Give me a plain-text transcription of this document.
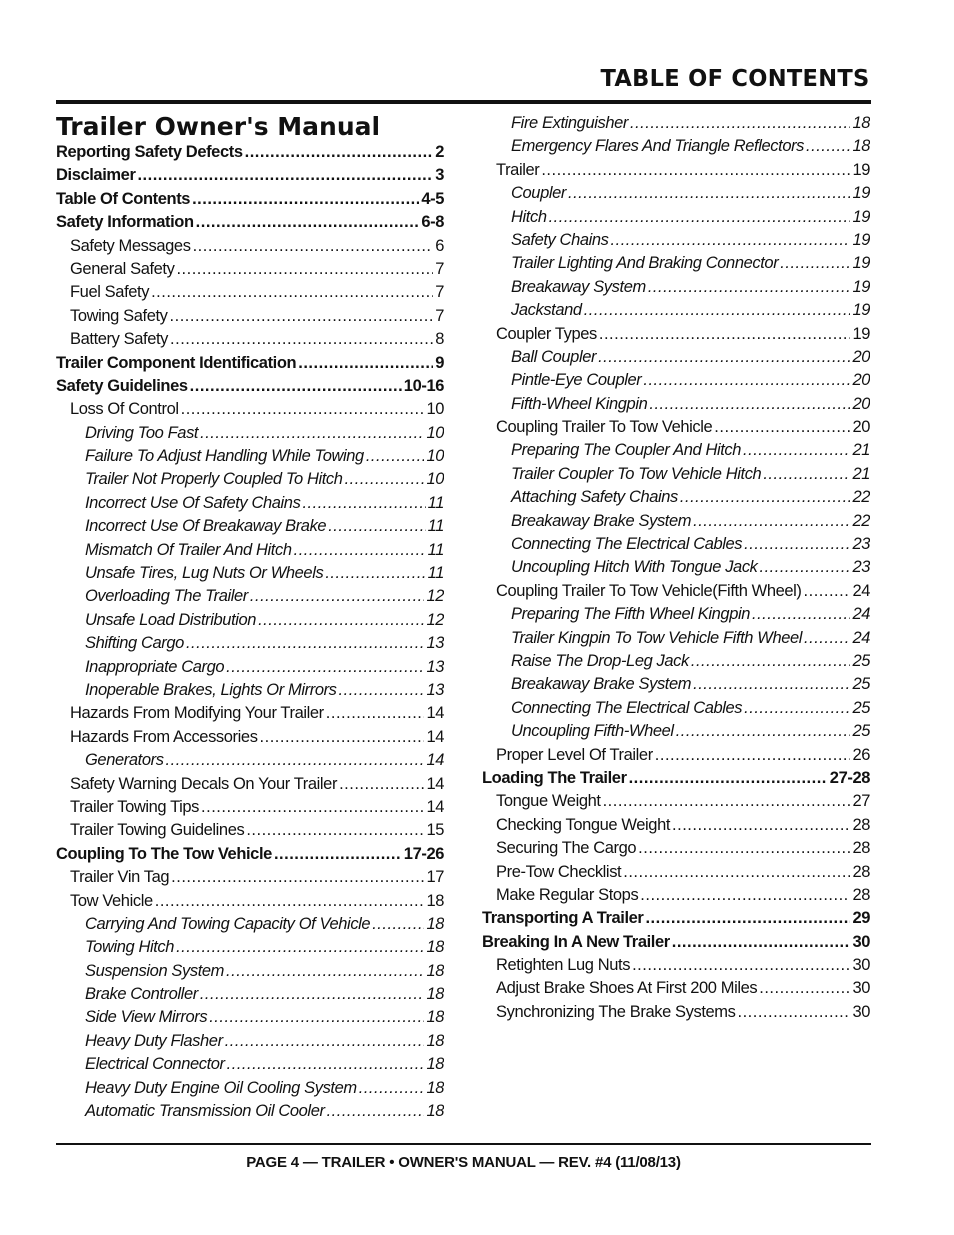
TABLE OF CONTENTS
Trailer Owner's Manual
Reporting Safety Defects .....	2
Disclaimer .....	3
Table Of Contents .....	4-5
Safety Information .....	6-8
Safety Messages .....	6
General Safety .....	7
Fuel Safety .....	7
Towing Safety .....	7
Battery Safety .....	8
Trailer Component Identification .....	9
Safety Guidelines .....	10-16
Loss Of Control .....	10
Driving Too Fast .....	10
Failure To Adjust Handling While Towing .....	10
Trailer Not Properly Coupled To Hitch .....	10
Incorrect Use Of Safety Chains .....	11
Incorrect Use Of Breakaway Brake .....	11
Mismatch Of Trailer And Hitch .....	11
Unsafe Tires, Lug Nuts Or Wheels .....	11
Overloading The Trailer .....	12
Unsafe Load Distribution .....	12
Shifting Cargo .....	13
Inappropriate Cargo .....	13
Inoperable Brakes, Lights Or Mirrors .....	13
Hazards From Modifying Your Trailer .....	14
Hazards From Accessories .....	14
Generators .....	14
Safety Warning Decals On Your Trailer .....	14
Trailer Towing Tips .....	14
Trailer Towing Guidelines .....	15
Coupling To The Tow Vehicle .....	17-26
Trailer Vin Tag .....	17
Tow Vehicle .....	18
Carrying And Towing Capacity Of Vehicle .....	18
Towing Hitch .....	18
Suspension System .....	18
Brake Controller .....	18
Side View Mirrors .....	18
Heavy Duty Flasher .....	18
Electrical Connector .....	18
Heavy Duty Engine Oil Cooling System .....	18
Automatic Transmission Oil Cooler .....	18
Fire Extinguisher .....	18
Emergency Flares And Triangle Reflectors .....	18
Trailer .....	19
Coupler .....	19
Hitch .....	19
Safety Chains .....	19
Trailer Lighting And Braking Connector .....	19
Breakaway System .....	19
Jackstand .....	19
Coupler Types .....	19
Ball Coupler .....	20
Pintle-Eye Coupler .....	20
Fifth-Wheel Kingpin .....	20
Coupling Trailer To Tow Vehicle .....	20
Preparing The Coupler And Hitch .....	21
Trailer Coupler To Tow Vehicle Hitch .....	21
Attaching Safety Chains .....	22
Breakaway Brake System .....	22
Connecting The Electrical Cables .....	23
Uncoupling Hitch With Tongue Jack .....	23
Coupling Trailer To Tow Vehicle(Fifth Wheel) .....	24
Preparing The Fifth Wheel Kingpin .....	24
Trailer Kingpin To Tow Vehicle Fifth Wheel .....	24
Raise The Drop-Leg Jack .....	25
Breakaway Brake System .....	25
Connecting The Electrical Cables .....	25
Uncoupling Fifth-Wheel .....	25
Proper Level Of Trailer .....	26
Loading The Trailer .....	27-28
Tongue Weight .....	27
Checking Tongue Weight .....	28
Securing The Cargo .....	28
Pre-Tow Checklist .....	28
Make Regular Stops .....	28
Transporting A Trailer .....	29
Breaking In A New Trailer .....	30
Retighten Lug Nuts .....	30
Adjust Brake Shoes At First 200 Miles .....	30
Synchronizing The Brake Systems .....	30
PAGE 4 — TRAILER • OWNER'S MANUAL — REV. #4 (11/08/13)
